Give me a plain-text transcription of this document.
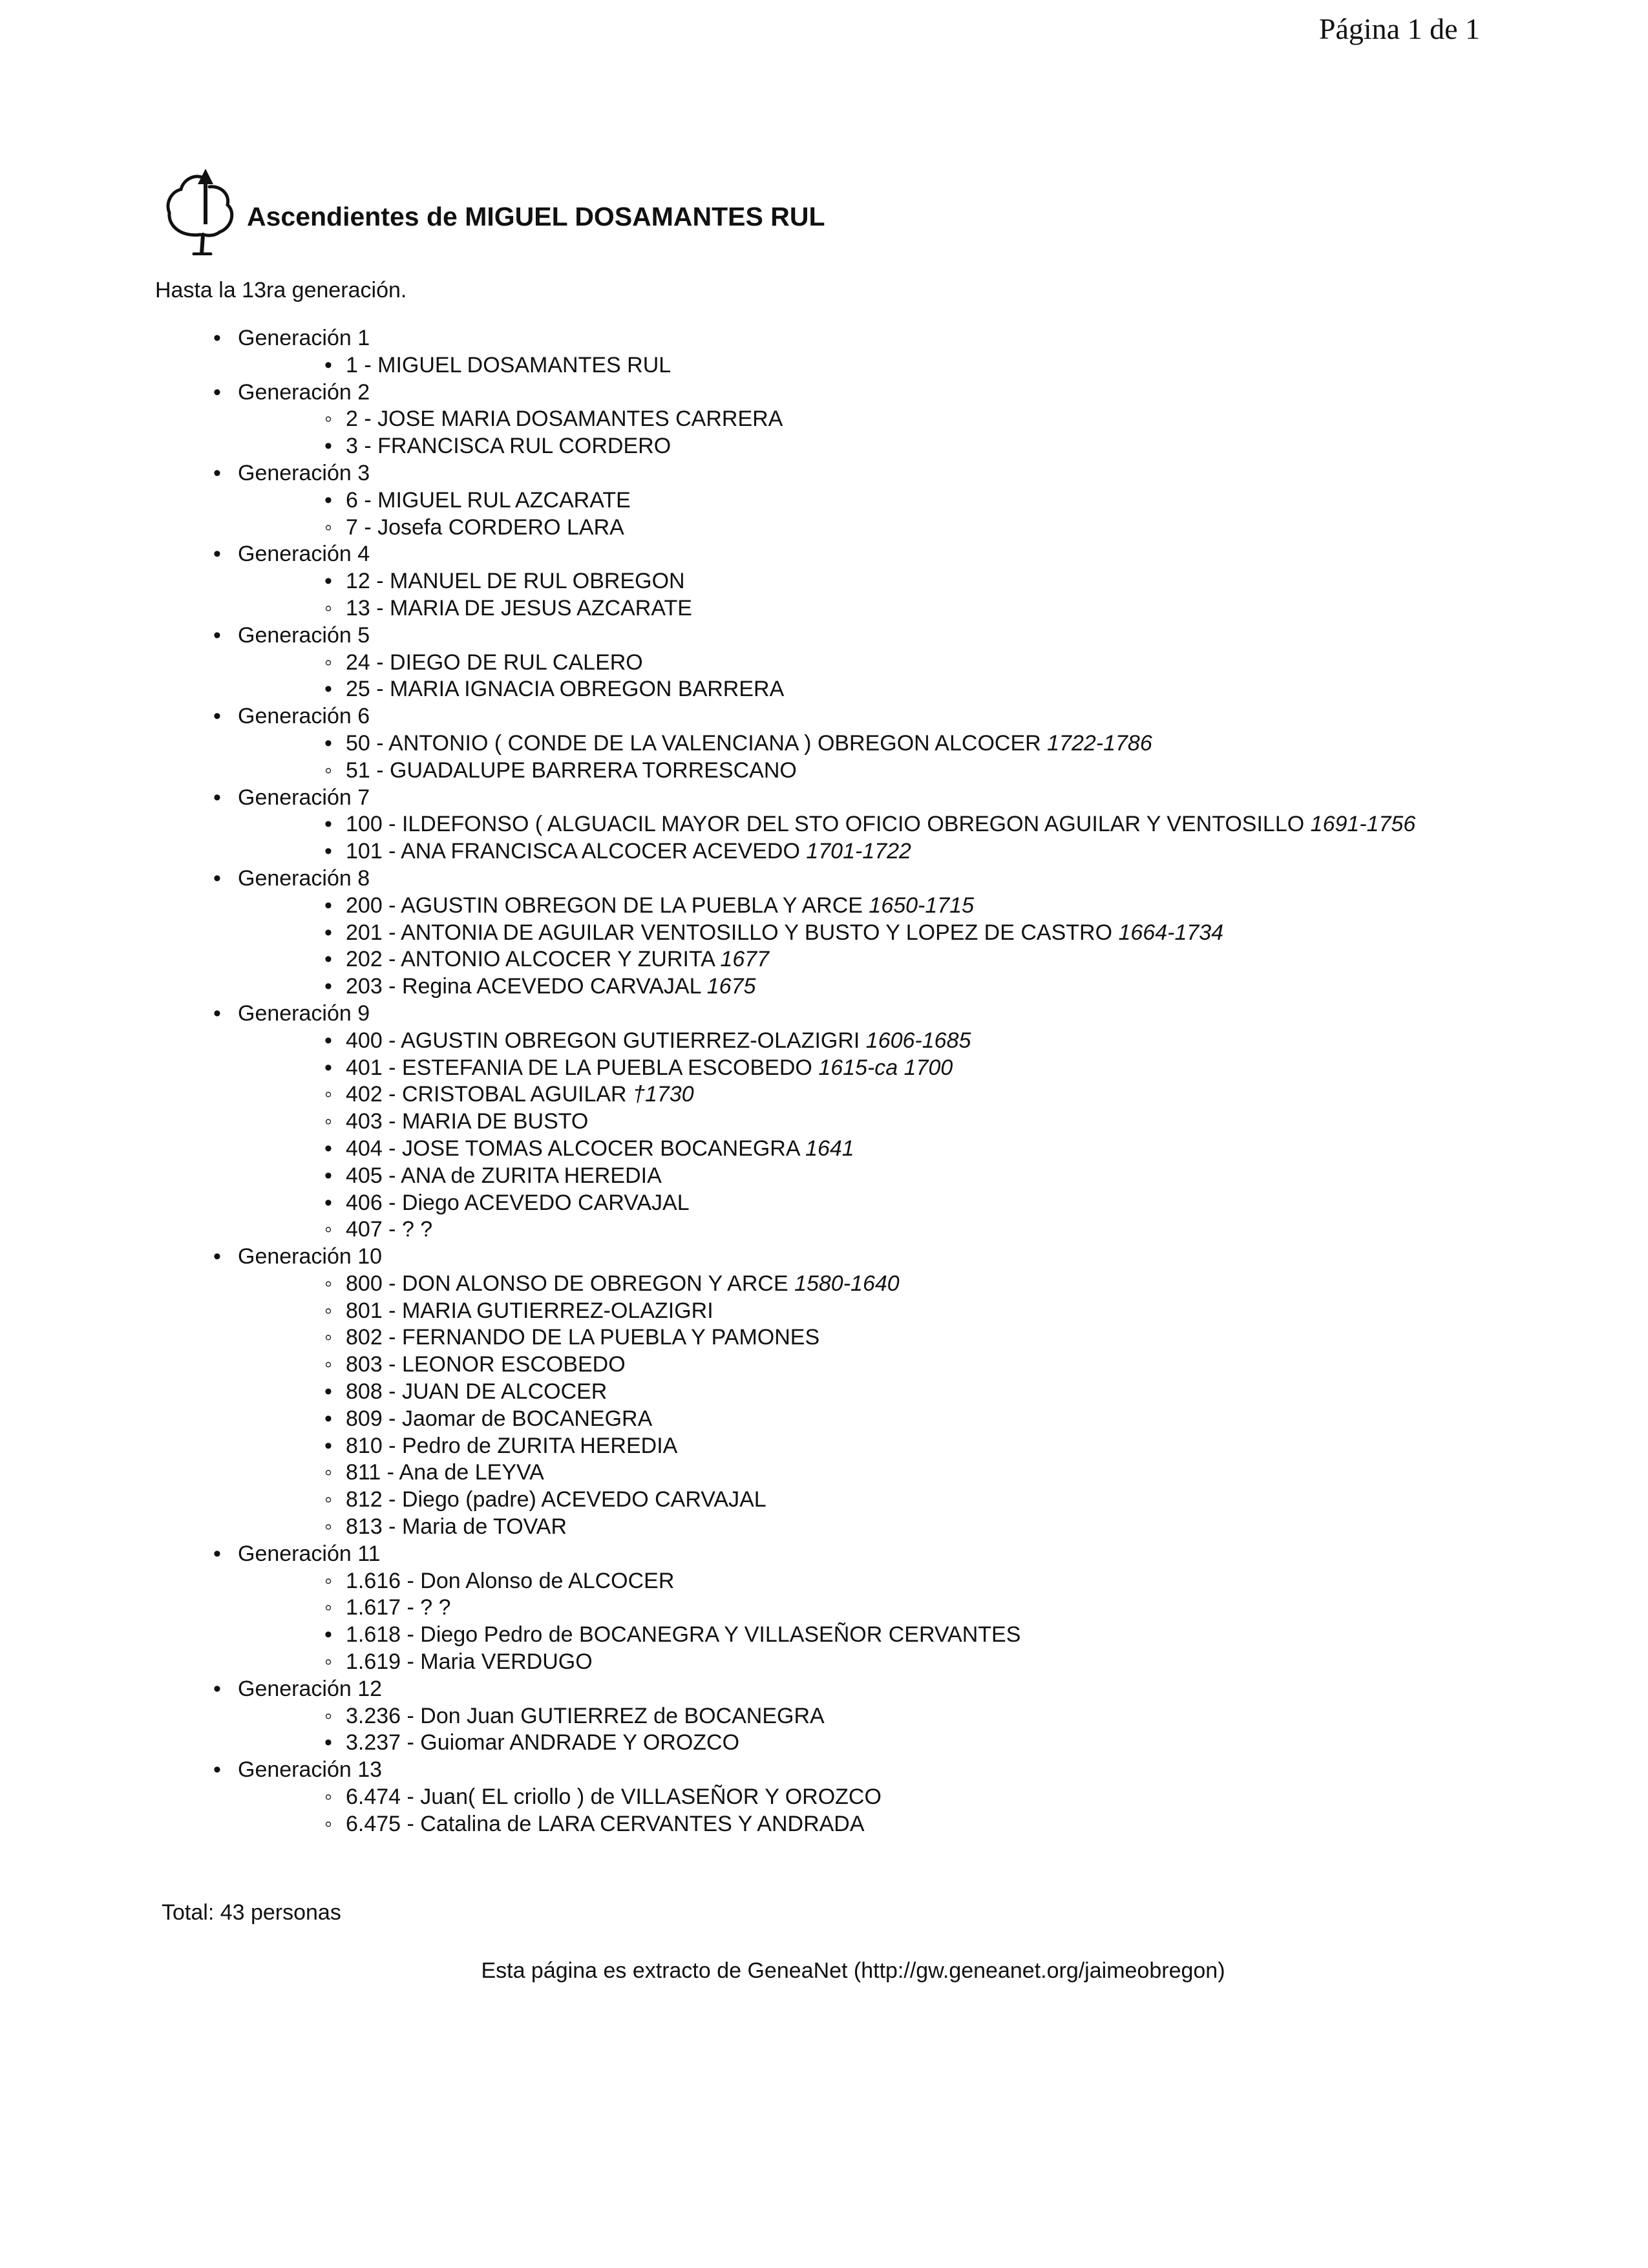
Página 1 de 1
Ascendientes de MIGUEL DOSAMANTES RUL
Hasta la 13ra generación.
• Generación 1
• 1 - MIGUEL DOSAMANTES RUL
• Generación 2
◦ 2 - JOSE MARIA DOSAMANTES CARRERA
• 3 - FRANCISCA RUL CORDERO
• Generación 3
• 6 - MIGUEL RUL AZCARATE
◦ 7 - Josefa CORDERO LARA
• Generación 4
• 12 - MANUEL DE RUL OBREGON
◦ 13 - MARIA DE JESUS AZCARATE
• Generación 5
◦ 24 - DIEGO DE RUL CALERO
• 25 - MARIA IGNACIA OBREGON BARRERA
• Generación 6
• 50 - ANTONIO ( CONDE DE LA VALENCIANA ) OBREGON ALCOCER 1722-1786
◦ 51 - GUADALUPE BARRERA TORRESCANO
• Generación 7
• 100 - ILDEFONSO ( ALGUACIL MAYOR DEL STO OFICIO OBREGON AGUILAR Y VENTOSILLO 1691-1756
• 101 - ANA FRANCISCA ALCOCER ACEVEDO 1701-1722
• Generación 8
• 200 - AGUSTIN OBREGON DE LA PUEBLA Y ARCE 1650-1715
• 201 - ANTONIA DE AGUILAR VENTOSILLO Y BUSTO Y LOPEZ DE CASTRO 1664-1734
• 202 - ANTONIO ALCOCER Y ZURITA 1677
• 203 - Regina ACEVEDO CARVAJAL 1675
• Generación 9
• 400 - AGUSTIN OBREGON GUTIERREZ-OLAZIGRI 1606-1685
• 401 - ESTEFANIA DE LA PUEBLA ESCOBEDO 1615-ca 1700
◦ 402 - CRISTOBAL AGUILAR †1730
◦ 403 - MARIA DE BUSTO
• 404 - JOSE TOMAS ALCOCER BOCANEGRA 1641
• 405 - ANA de ZURITA HEREDIA
• 406 - Diego ACEVEDO CARVAJAL
◦ 407 - ? ?
• Generación 10
◦ 800 - DON ALONSO DE OBREGON Y ARCE 1580-1640
◦ 801 - MARIA GUTIERREZ-OLAZIGRI
◦ 802 - FERNANDO DE LA PUEBLA Y PAMONES
◦ 803 - LEONOR ESCOBEDO
• 808 - JUAN DE ALCOCER
• 809 - Jaomar de BOCANEGRA
• 810 - Pedro de ZURITA HEREDIA
◦ 811 - Ana de LEYVA
◦ 812 - Diego (padre) ACEVEDO CARVAJAL
◦ 813 - Maria de TOVAR
• Generación 11
◦ 1.616 - Don Alonso de ALCOCER
◦ 1.617 - ? ?
• 1.618 - Diego Pedro de BOCANEGRA Y VILLASEÑOR CERVANTES
◦ 1.619 - Maria VERDUGO
• Generación 12
◦ 3.236 - Don Juan GUTIERREZ de BOCANEGRA
• 3.237 - Guiomar ANDRADE Y OROZCO
• Generación 13
◦ 6.474 - Juan( EL criollo ) de VILLASEÑOR Y OROZCO
◦ 6.475 - Catalina de LARA CERVANTES Y ANDRADA
Total: 43 personas
Esta página es extracto de GeneaNet (http://gw.geneanet.org/jaimeobregon)
